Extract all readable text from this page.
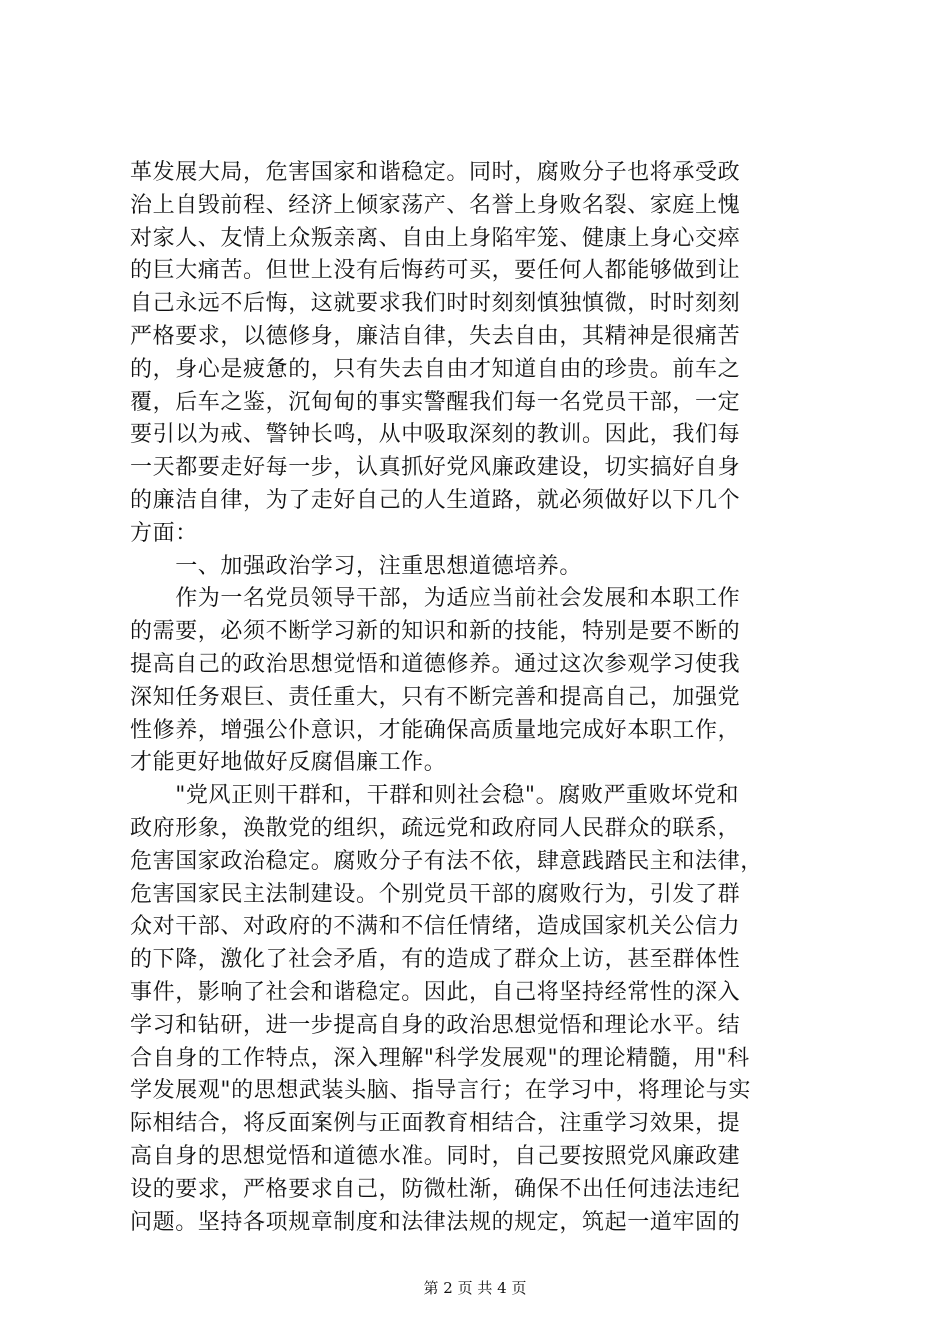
革发展大局，危害国家和谐稳定。同时，腐败分子也将承受政
治上自毁前程、经济上倾家荡产、名誉上身败名裂、家庭上愧
对家人、友情上众叛亲离、自由上身陷牢笼、健康上身心交瘁
的巨大痛苦。但世上没有后悔药可买，要任何人都能够做到让
自己永远不后悔，这就要求我们时时刻刻慎独慎微，时时刻刻
严格要求，以德修身，廉洁自律，失去自由，其精神是很痛苦
的，身心是疲惫的，只有失去自由才知道自由的珍贵。前车之
覆，后车之鉴，沉甸甸的事实警醒我们每一名党员干部，一定
要引以为戒、警钟长鸣，从中吸取深刻的教训。因此，我们每
一天都要走好每一步，认真抓好党风廉政建设，切实搞好自身
的廉洁自律，为了走好自己的人生道路，就必须做好以下几个
方面：
　　一、加强政治学习，注重思想道德培养。
　　作为一名党员领导干部，为适应当前社会发展和本职工作
的需要，必须不断学习新的知识和新的技能，特别是要不断的
提高自己的政治思想觉悟和道德修养。通过这次参观学习使我
深知任务艰巨、责任重大，只有不断完善和提高自己，加强党
性修养，增强公仆意识，才能确保高质量地完成好本职工作，
才能更好地做好反腐倡廉工作。
　　"党风正则干群和，干群和则社会稳"。腐败严重败坏党和
政府形象，涣散党的组织，疏远党和政府同人民群众的联系，
危害国家政治稳定。腐败分子有法不依，肆意践踏民主和法律，
危害国家民主法制建设。个别党员干部的腐败行为，引发了群
众对干部、对政府的不满和不信任情绪，造成国家机关公信力
的下降，激化了社会矛盾，有的造成了群众上访，甚至群体性
事件，影响了社会和谐稳定。因此，自己将坚持经常性的深入
学习和钻研，进一步提高自身的政治思想觉悟和理论水平。结
合自身的工作特点，深入理解"科学发展观"的理论精髓，用"科
学发展观"的思想武装头脑、指导言行；在学习中，将理论与实
际相结合，将反面案例与正面教育相结合，注重学习效果，提
高自身的思想觉悟和道德水准。同时，自己要按照党风廉政建
设的要求，严格要求自己，防微杜渐，确保不出任何违法违纪
问题。坚持各项规章制度和法律法规的规定，筑起一道牢固的
第 2 页 共 4 页
